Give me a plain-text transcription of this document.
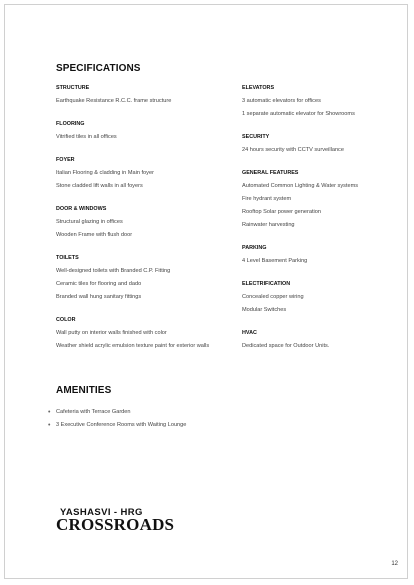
SPECIFICATIONS
STRUCTURE
Earthquake Resistance R.C.C. frame structure
FLOORING
Vitrified tiles in all offices
FOYER
Italian Flooring & cladding in Main foyer
Stone cladded lift walls in all foyers
DOOR & WINDOWS
Structural glazing in offices
Wooden Frame with flush door
TOILETS
Well-designed toilets with Branded C.P. Fitting
Ceramic tiles for flooring and dado
Branded wall hung sanitary fittings
COLOR
Wall putty on interior walls finished with color
Weather shield acrylic emulsion texture paint for exterior walls
ELEVATORS
3 automatic elevators for offices
1 separate automatic elevator for Showrooms
SECURITY
24 hours security with CCTV surveillance
GENERAL FEATURES
Automated Common Lighting & Water systems
Fire hydrant system
Rooftop Solar power generation
Rainwater harvesting
PARKING
4 Level Basement Parking
ELECTRIFICATION
Concealed copper wiring
Modular Switches
HVAC
Dedicated space for Outdoor Units.
AMENITIES
• Cafeteria with Terrace Garden
• 3 Executive Conference Rooms with Waiting Lounge
YASHASVI - HRG
CROSSROADS
12
